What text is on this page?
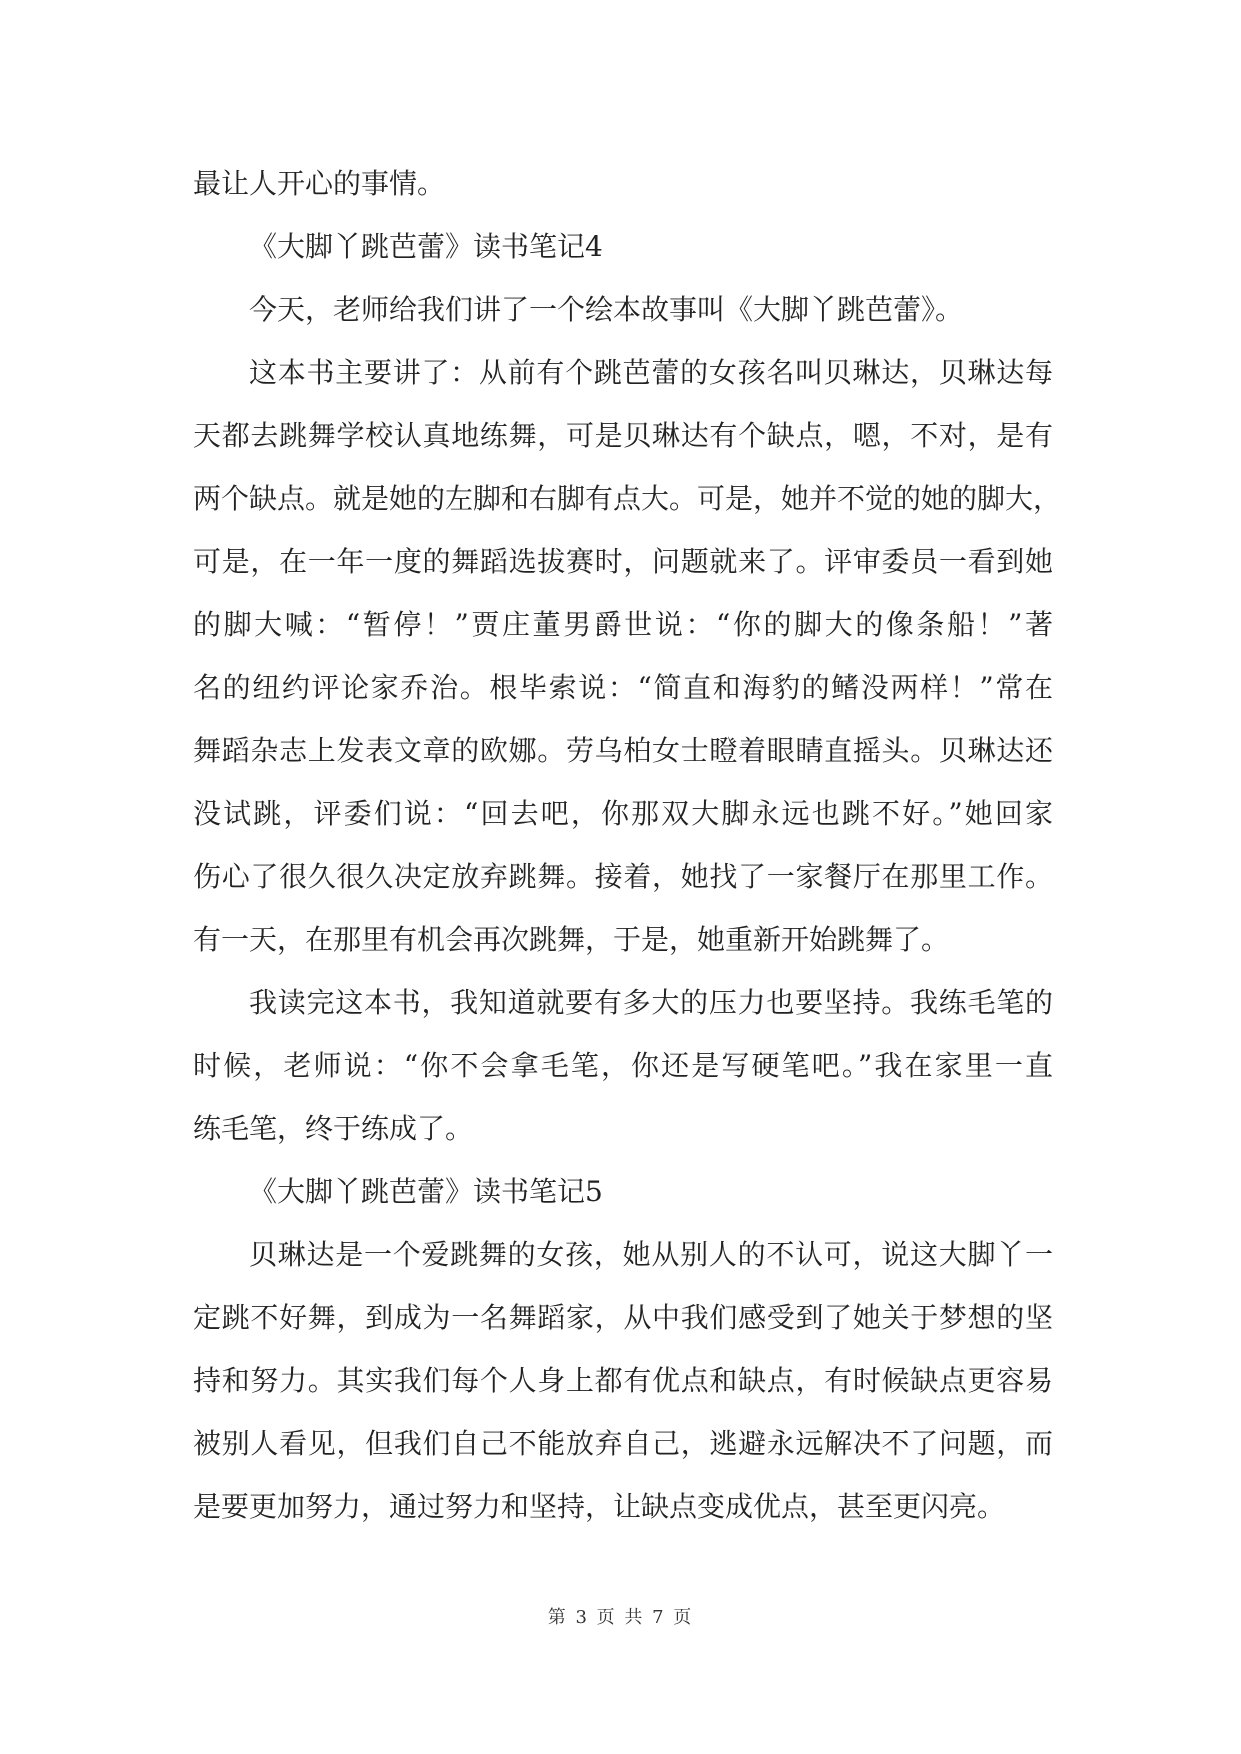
最让人开心的事情。
《大脚丫跳芭蕾》读书笔记4
今天，老师给我们讲了一个绘本故事叫《大脚丫跳芭蕾》。
这本书主要讲了：从前有个跳芭蕾的女孩名叫贝琳达，贝琳达每
天都去跳舞学校认真地练舞，可是贝琳达有个缺点，嗯，不对，是有
两个缺点。就是她的左脚和右脚有点大。可是，她并不觉的她的脚大，
可是，在一年一度的舞蹈选拔赛时，问题就来了。评审委员一看到她
的脚大喊：“暂停！”贾庄董男爵世说：“你的脚大的像条船！”著
名的纽约评论家乔治。根毕索说：“简直和海豹的鳍没两样！”常在
舞蹈杂志上发表文章的欧娜。劳乌柏女士瞪着眼睛直摇头。贝琳达还
没试跳，评委们说：“回去吧，你那双大脚永远也跳不好。”她回家
伤心了很久很久决定放弃跳舞。接着，她找了一家餐厅在那里工作。
有一天，在那里有机会再次跳舞，于是，她重新开始跳舞了。
我读完这本书，我知道就要有多大的压力也要坚持。我练毛笔的
时候，老师说：“你不会拿毛笔，你还是写硬笔吧。”我在家里一直
练毛笔，终于练成了。
《大脚丫跳芭蕾》读书笔记5
贝琳达是一个爱跳舞的女孩，她从别人的不认可，说这大脚丫一
定跳不好舞，到成为一名舞蹈家，从中我们感受到了她关于梦想的坚
持和努力。其实我们每个人身上都有优点和缺点，有时候缺点更容易
被别人看见，但我们自己不能放弃自己，逃避永远解决不了问题，而
是要更加努力，通过努力和坚持，让缺点变成优点，甚至更闪亮。
第 3 页 共 7 页
